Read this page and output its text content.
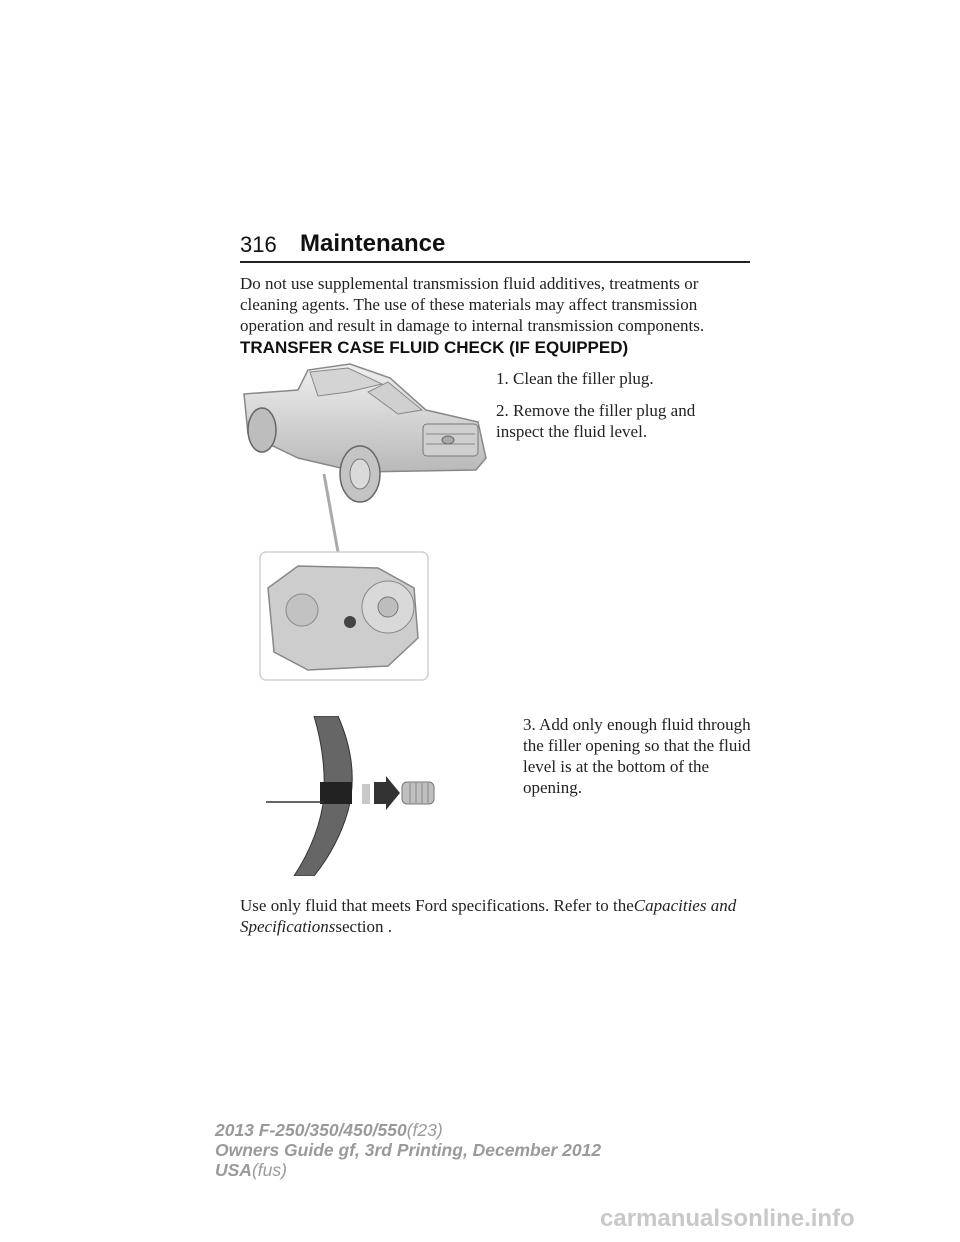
316 Maintenance
Do not use supplemental transmission fluid additives, treatments or cleaning agents. The use of these materials may affect transmission operation and result in damage to internal transmission components.
TRANSFER CASE FLUID CHECK (IF EQUIPPED)
1. Clean the filler plug.
2. Remove the filler plug and inspect the fluid level.
3. Add only enough fluid through the filler opening so that the fluid level is at the bottom of the opening.
Use only fluid that meets Ford specifications. Refer to theCapacities and Specificationssection .
2013 F-250/350/450/550(f23)
Owners Guide gf, 3rd Printing, December 2012
USA(fus)
carmanualsonline.info
